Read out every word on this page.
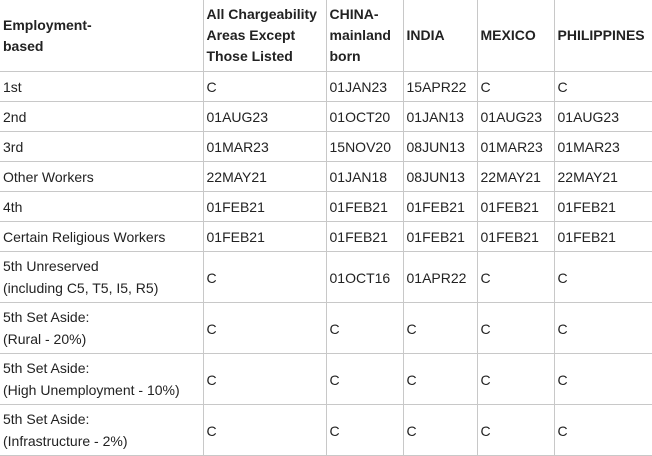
Employment-
based	All Chargeability
Areas Except
Those Listed	CHINA-
mainland
born	INDIA	MEXICO	PHILIPPINES

1st	C	01JAN23	15APR22	C	C

2nd	01AUG23	01OCT20	01JAN13	01AUG23	01AUG23

3rd	01MAR23	15NOV20	08JUN13	01MAR23	01MAR23

Other Workers	22MAY21	01JAN18	08JUN13	22MAY21	22MAY21

4th	01FEB21	01FEB21	01FEB21	01FEB21	01FEB21

Certain Religious Workers	01FEB21	01FEB21	01FEB21	01FEB21	01FEB21

5th Unreserved
(including C5, T5, I5, R5)	C	01OCT16	01APR22	C	C

5th Set Aside:
(Rural - 20%)	C	C	C	C	C

5th Set Aside:
(High Unemployment - 10%)	C	C	C	C	C

5th Set Aside:
(Infrastructure - 2%)	C	C	C	C	C
